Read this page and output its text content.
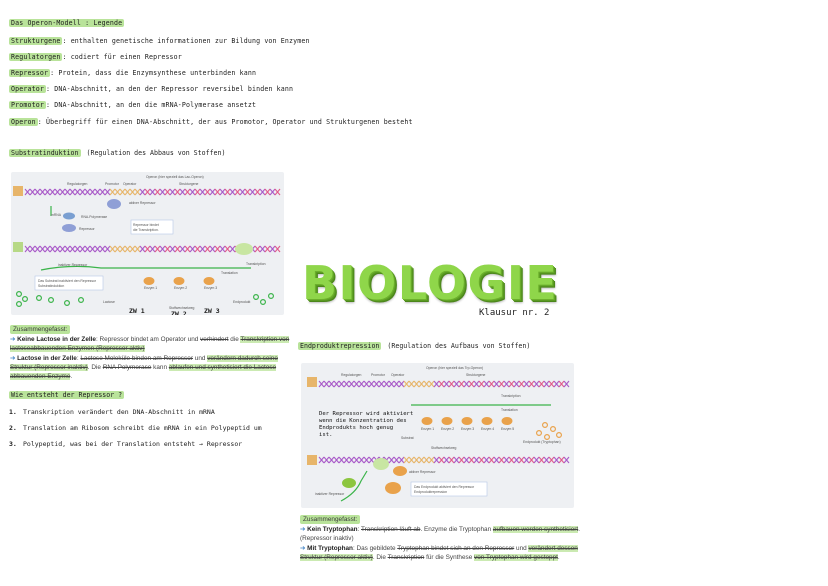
Das Operon-Modell : Legende
Strukturgene : enthalten genetische informationen zur Bildung von Enzymen
Regulatorgen : codiert für einen Repressor
Repressor : Protein, dass die Enzymsynthese unterbinden kann
Operator : DNA-Abschnitt, an den der Repressor reversibel binden kann
Promotor : DNA-Abschnitt, an den die mRNA-Polymerase ansetzt
Operon : Überbegriff für einen DNA-Abschnitt, der aus Promotor, Operator und Strukturgenen besteht
Substratinduktion (Regulation des Abbaus von Stoffen)
Operon (hier speziell das Lac-Operon)
Regulatorgen	Promotor Operator	Strukturgene
aktiver Repressor
mRNA	RNA-Polymerase
Repressor
Repressor bindet
die Transkription.
inaktiver Repressor	Transkription
Translation
Enzym 1	Enzym 2	Enzym 3
Das Substrat inaktiviert den Repressor
Substratinduktion
Lactose
Stoffwechselweg
Endprodukt
ZW 1	ZW 2	ZW 3
Zusammengefasst:
➔ Keine Lactose in der Zelle: Repressor bindet am Operator und verhindert die Transkription von lactoseabbauenden Enzymen (Repressor aktiv)
➔ Lactose in der Zelle: Lactose Moleküle binden am Repressor und verändern dadurch seine Struktur (Repressor inaktiv). Die RNA Polymerase kann ablaufen und synthetisiert die Lactose abbauenden Enzyme.
Wie entsteht der Repressor ?
1. Transkription verändert den DNA-Abschnitt in mRNA
2. Translation am Ribosom schreibt die mRNA in ein Polypeptid um
3. Polypeptid, was bei der Translation entsteht → Repressor
BIOLOGIE
Klausur nr. 2
Endproduktrepression (Regulation des Aufbaus von Stoffen)
Operon (hier speziell das Trp-Operon)
Regulatorgen	Promotor Operator	Strukturgene
Transkription
Translation
Der Repressor wird aktiviert wenn die Konzentration des Endprodukts hoch genug ist.	Substrat
Enzym 1 Enzym 2 Enzym 3 Enzym 4 Enzym 5
Endprodukt (Tryptophan)
Stoffwechselweg
aktiver Repressor
inaktiver Repressor
Das Endprodukt aktiviert den Repressor
Endproduktrepression
Zusammengefasst:
➔ Kein Tryptophan: Transkription läuft ab. Enzyme die Tryptophan aufbauen werden synthetisiert. (Repressor inaktiv)
➔ Mit Tryptophan: Das gebildete Tryptophan bindet sich an den Repressor und verändert dessen Struktur (Repressor aktiv). Die Transkription für die Synthese von Tryptophan wird gestoppt.
